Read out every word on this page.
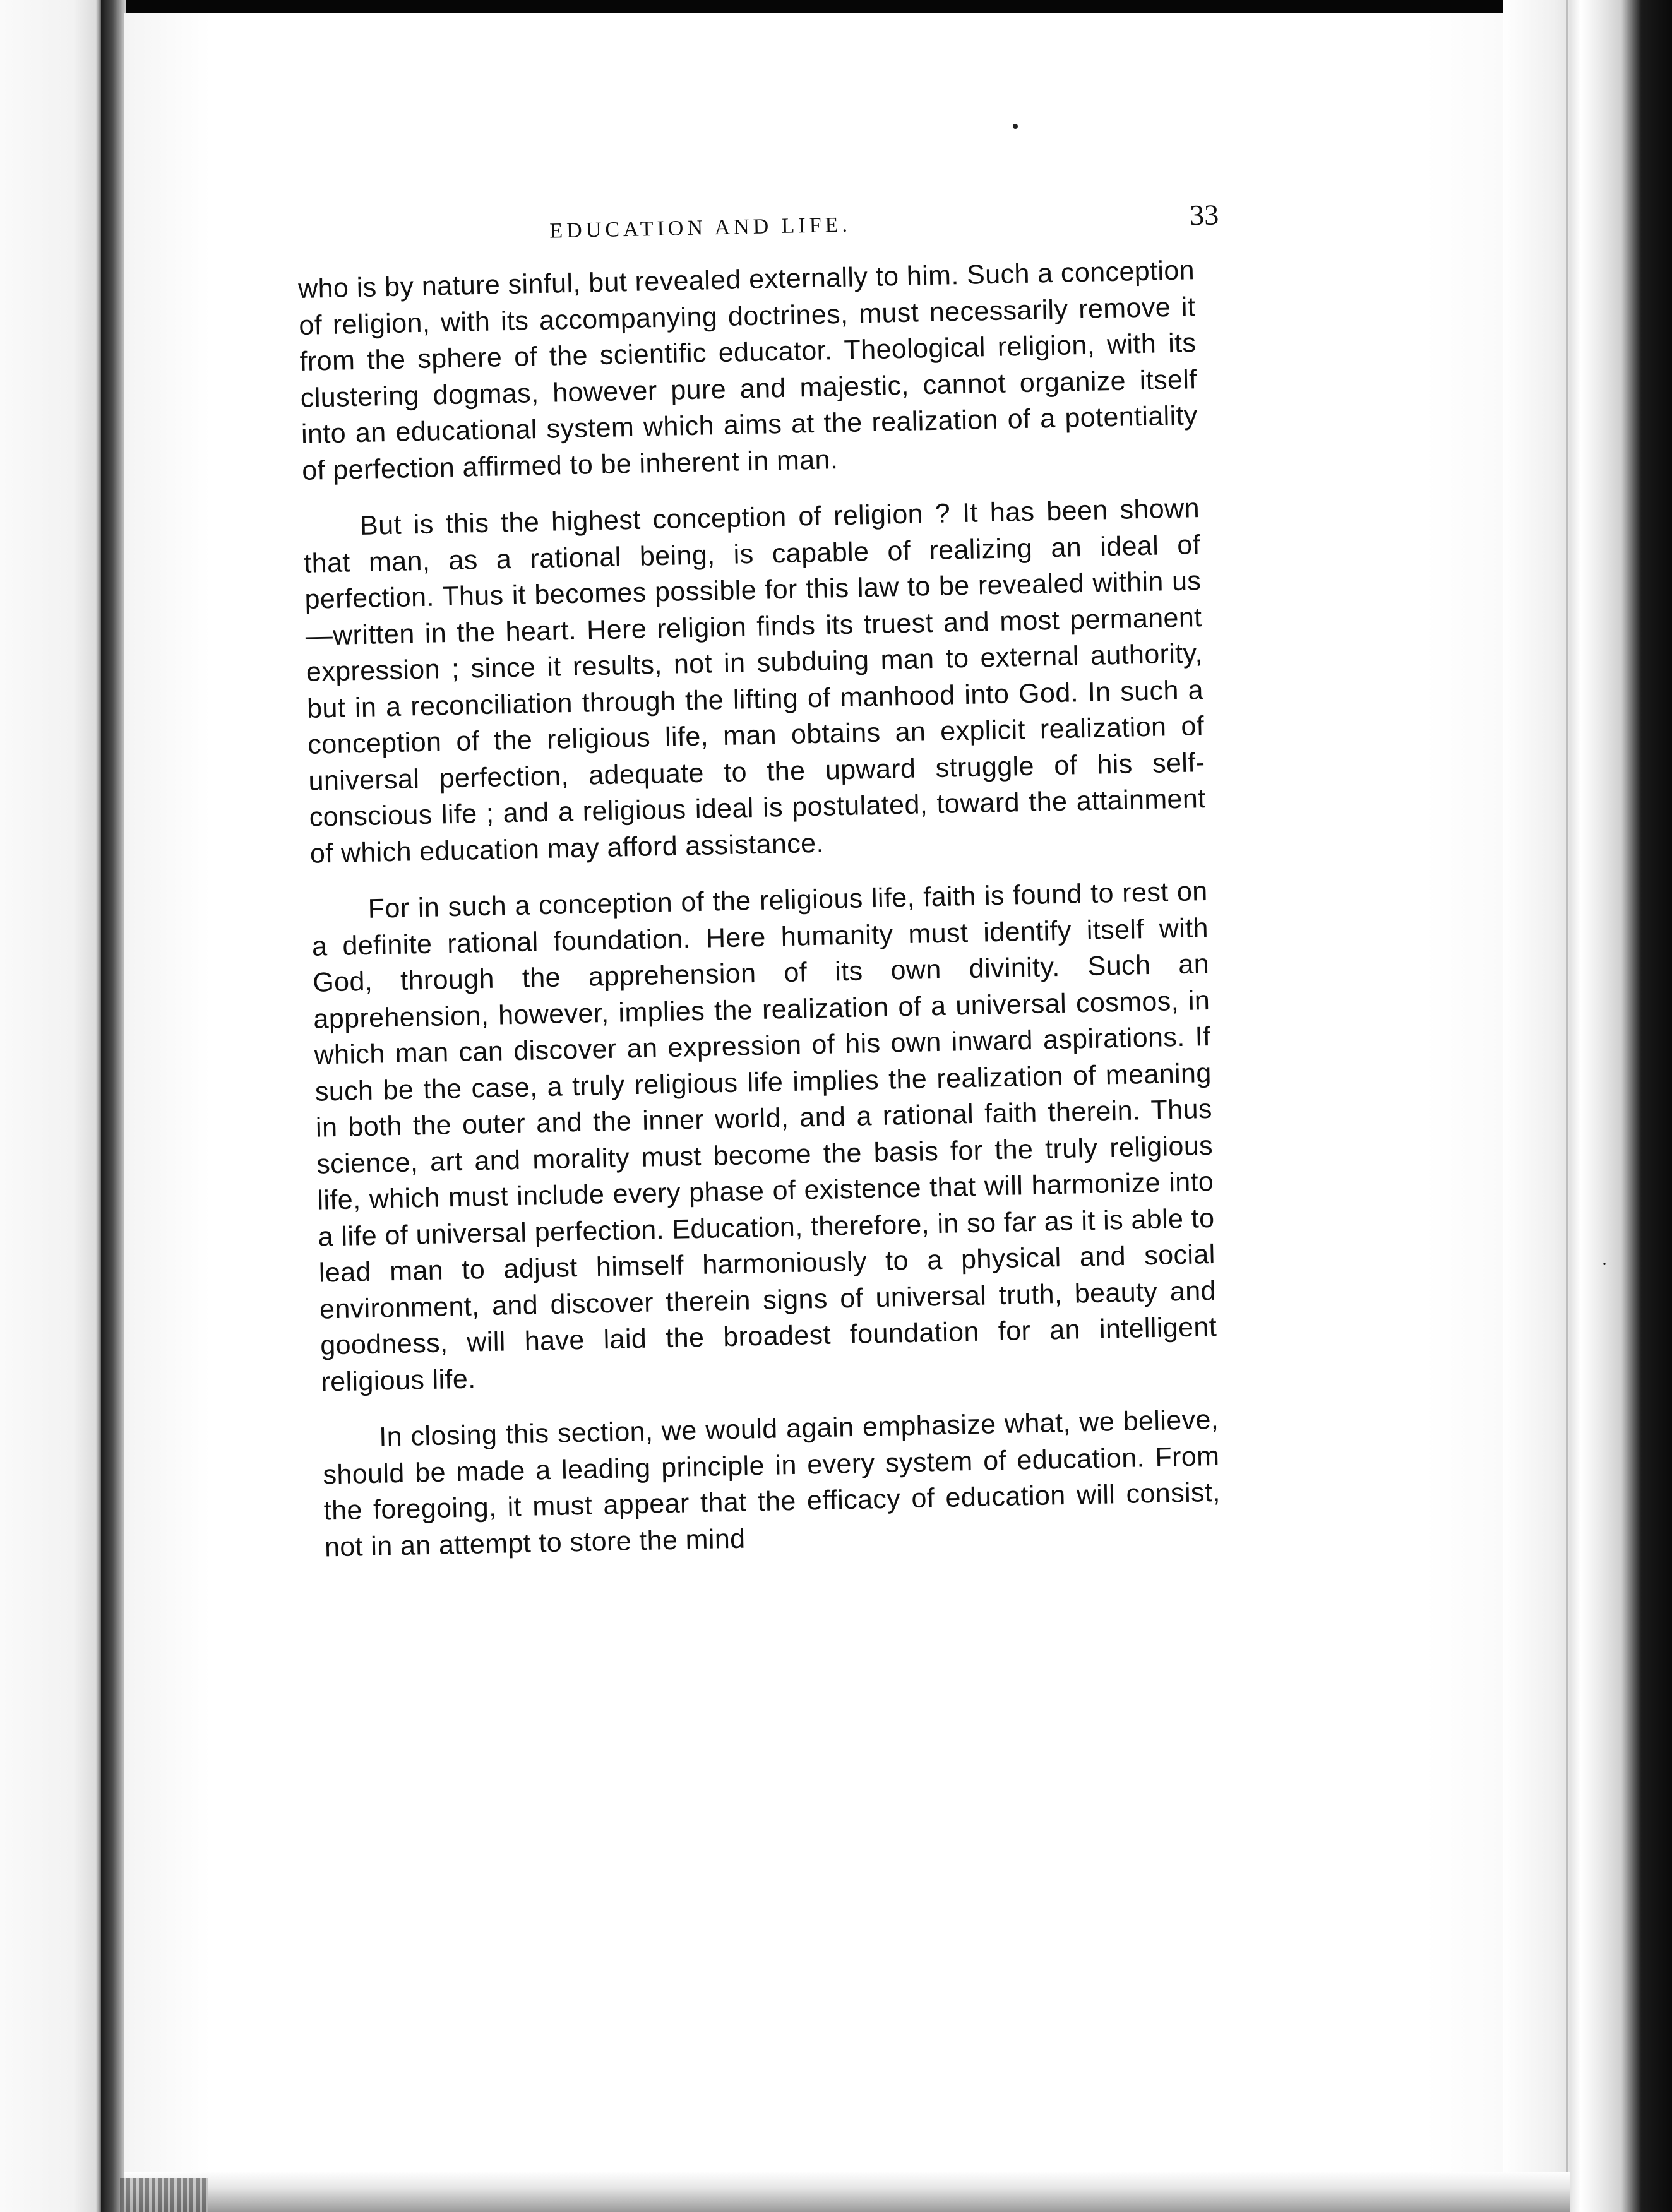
·
EDUCATION AND LIFE.	33

who is by nature sinful, but revealed externally to him. Such a conception of religion, with its accompanying doctrines, must necessarily remove it from the sphere of the scientific educator. Theological religion, with its clustering dogmas, however pure and majestic, cannot organize itself into an educational system which aims at the realization of a potentiality of perfection affirmed to be inherent in man.

But is this the highest conception of religion ? It has been shown that man, as a rational being, is capable of realizing an ideal of perfection. Thus it becomes possible for this law to be revealed within us—written in the heart. Here religion finds its truest and most permanent expression ; since it results, not in subduing man to external authority, but in a reconciliation through the lifting of manhood into God. In such a conception of the religious life, man obtains an explicit realization of universal perfection, adequate to the upward struggle of his self-conscious life ; and a religious ideal is postulated, toward the attainment of which education may afford assistance.

For in such a conception of the religious life, faith is found to rest on a definite rational foundation. Here humanity must identify itself with God, through the apprehension of its own divinity. Such an apprehension, however, implies the realization of a universal cosmos, in which man can discover an expression of his own inward aspirations. If such be the case, a truly religious life implies the realization of meaning in both the outer and the inner world, and a rational faith therein. Thus science, art and morality must become the basis for the truly religious life, which must include every phase of existence that will harmonize into a life of universal perfection. Education, therefore, in so far as it is able to lead man to adjust himself harmoniously to a physical and social environment, and discover therein signs of universal truth, beauty and goodness, will have laid the broadest foundation for an intelligent religious life.

In closing this section, we would again emphasize what, we believe, should be made a leading principle in every system of education. From the foregoing, it must appear that the efficacy of education will consist, not in an attempt to store the mind
